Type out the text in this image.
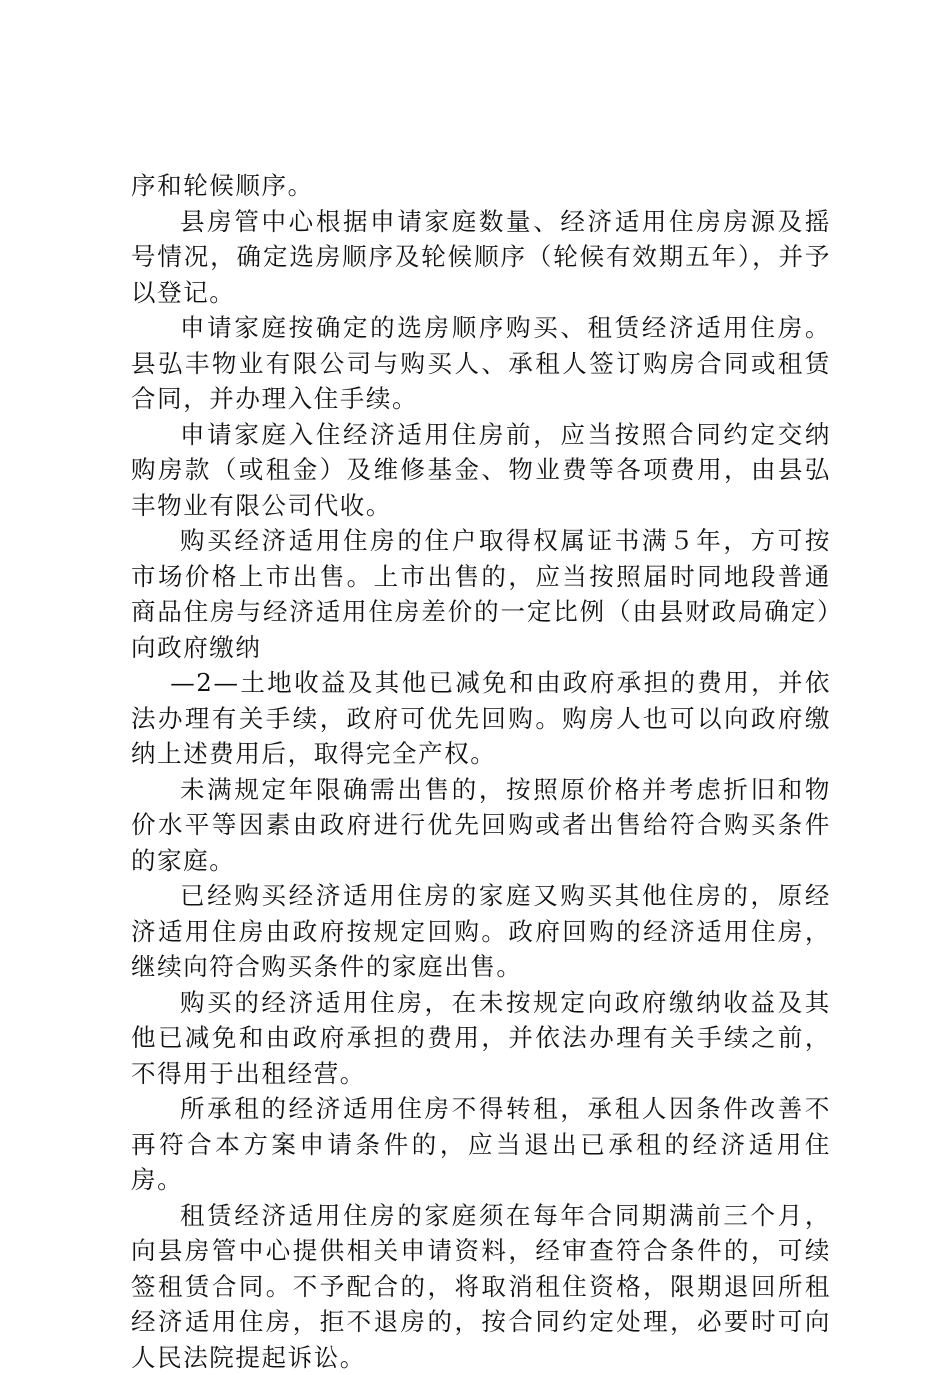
序和轮候顺序。

县房管中心根据申请家庭数量、经济适用住房房源及摇号情况，确定选房顺序及轮候顺序（轮候有效期五年），并予以登记。

申请家庭按确定的选房顺序购买、租赁经济适用住房。县弘丰物业有限公司与购买人、承租人签订购房合同或租赁合同，并办理入住手续。

申请家庭入住经济适用住房前，应当按照合同约定交纳购房款（或租金）及维修基金、物业费等各项费用，由县弘丰物业有限公司代收。

购买经济适用住房的住户取得权属证书满５年，方可按市场价格上市出售。上市出售的，应当按照届时同地段普通商品住房与经济适用住房差价的一定比例（由县财政局确定）向政府缴纳

—2—土地收益及其他已减免和由政府承担的费用，并依法办理有关手续，政府可优先回购。购房人也可以向政府缴纳上述费用后，取得完全产权。

未满规定年限确需出售的，按照原价格并考虑折旧和物价水平等因素由政府进行优先回购或者出售给符合购买条件的家庭。

已经购买经济适用住房的家庭又购买其他住房的，原经济适用住房由政府按规定回购。政府回购的经济适用住房，继续向符合购买条件的家庭出售。

购买的经济适用住房，在未按规定向政府缴纳收益及其他已减免和由政府承担的费用，并依法办理有关手续之前，不得用于出租经营。

所承租的经济适用住房不得转租，承租人因条件改善不再符合本方案申请条件的，应当退出已承租的经济适用住房。

租赁经济适用住房的家庭须在每年合同期满前三个月，向县房管中心提供相关申请资料，经审查符合条件的，可续签租赁合同。不予配合的，将取消租住资格，限期退回所租经济适用住房，拒不退房的，按合同约定处理，必要时可向人民法院提起诉讼。
